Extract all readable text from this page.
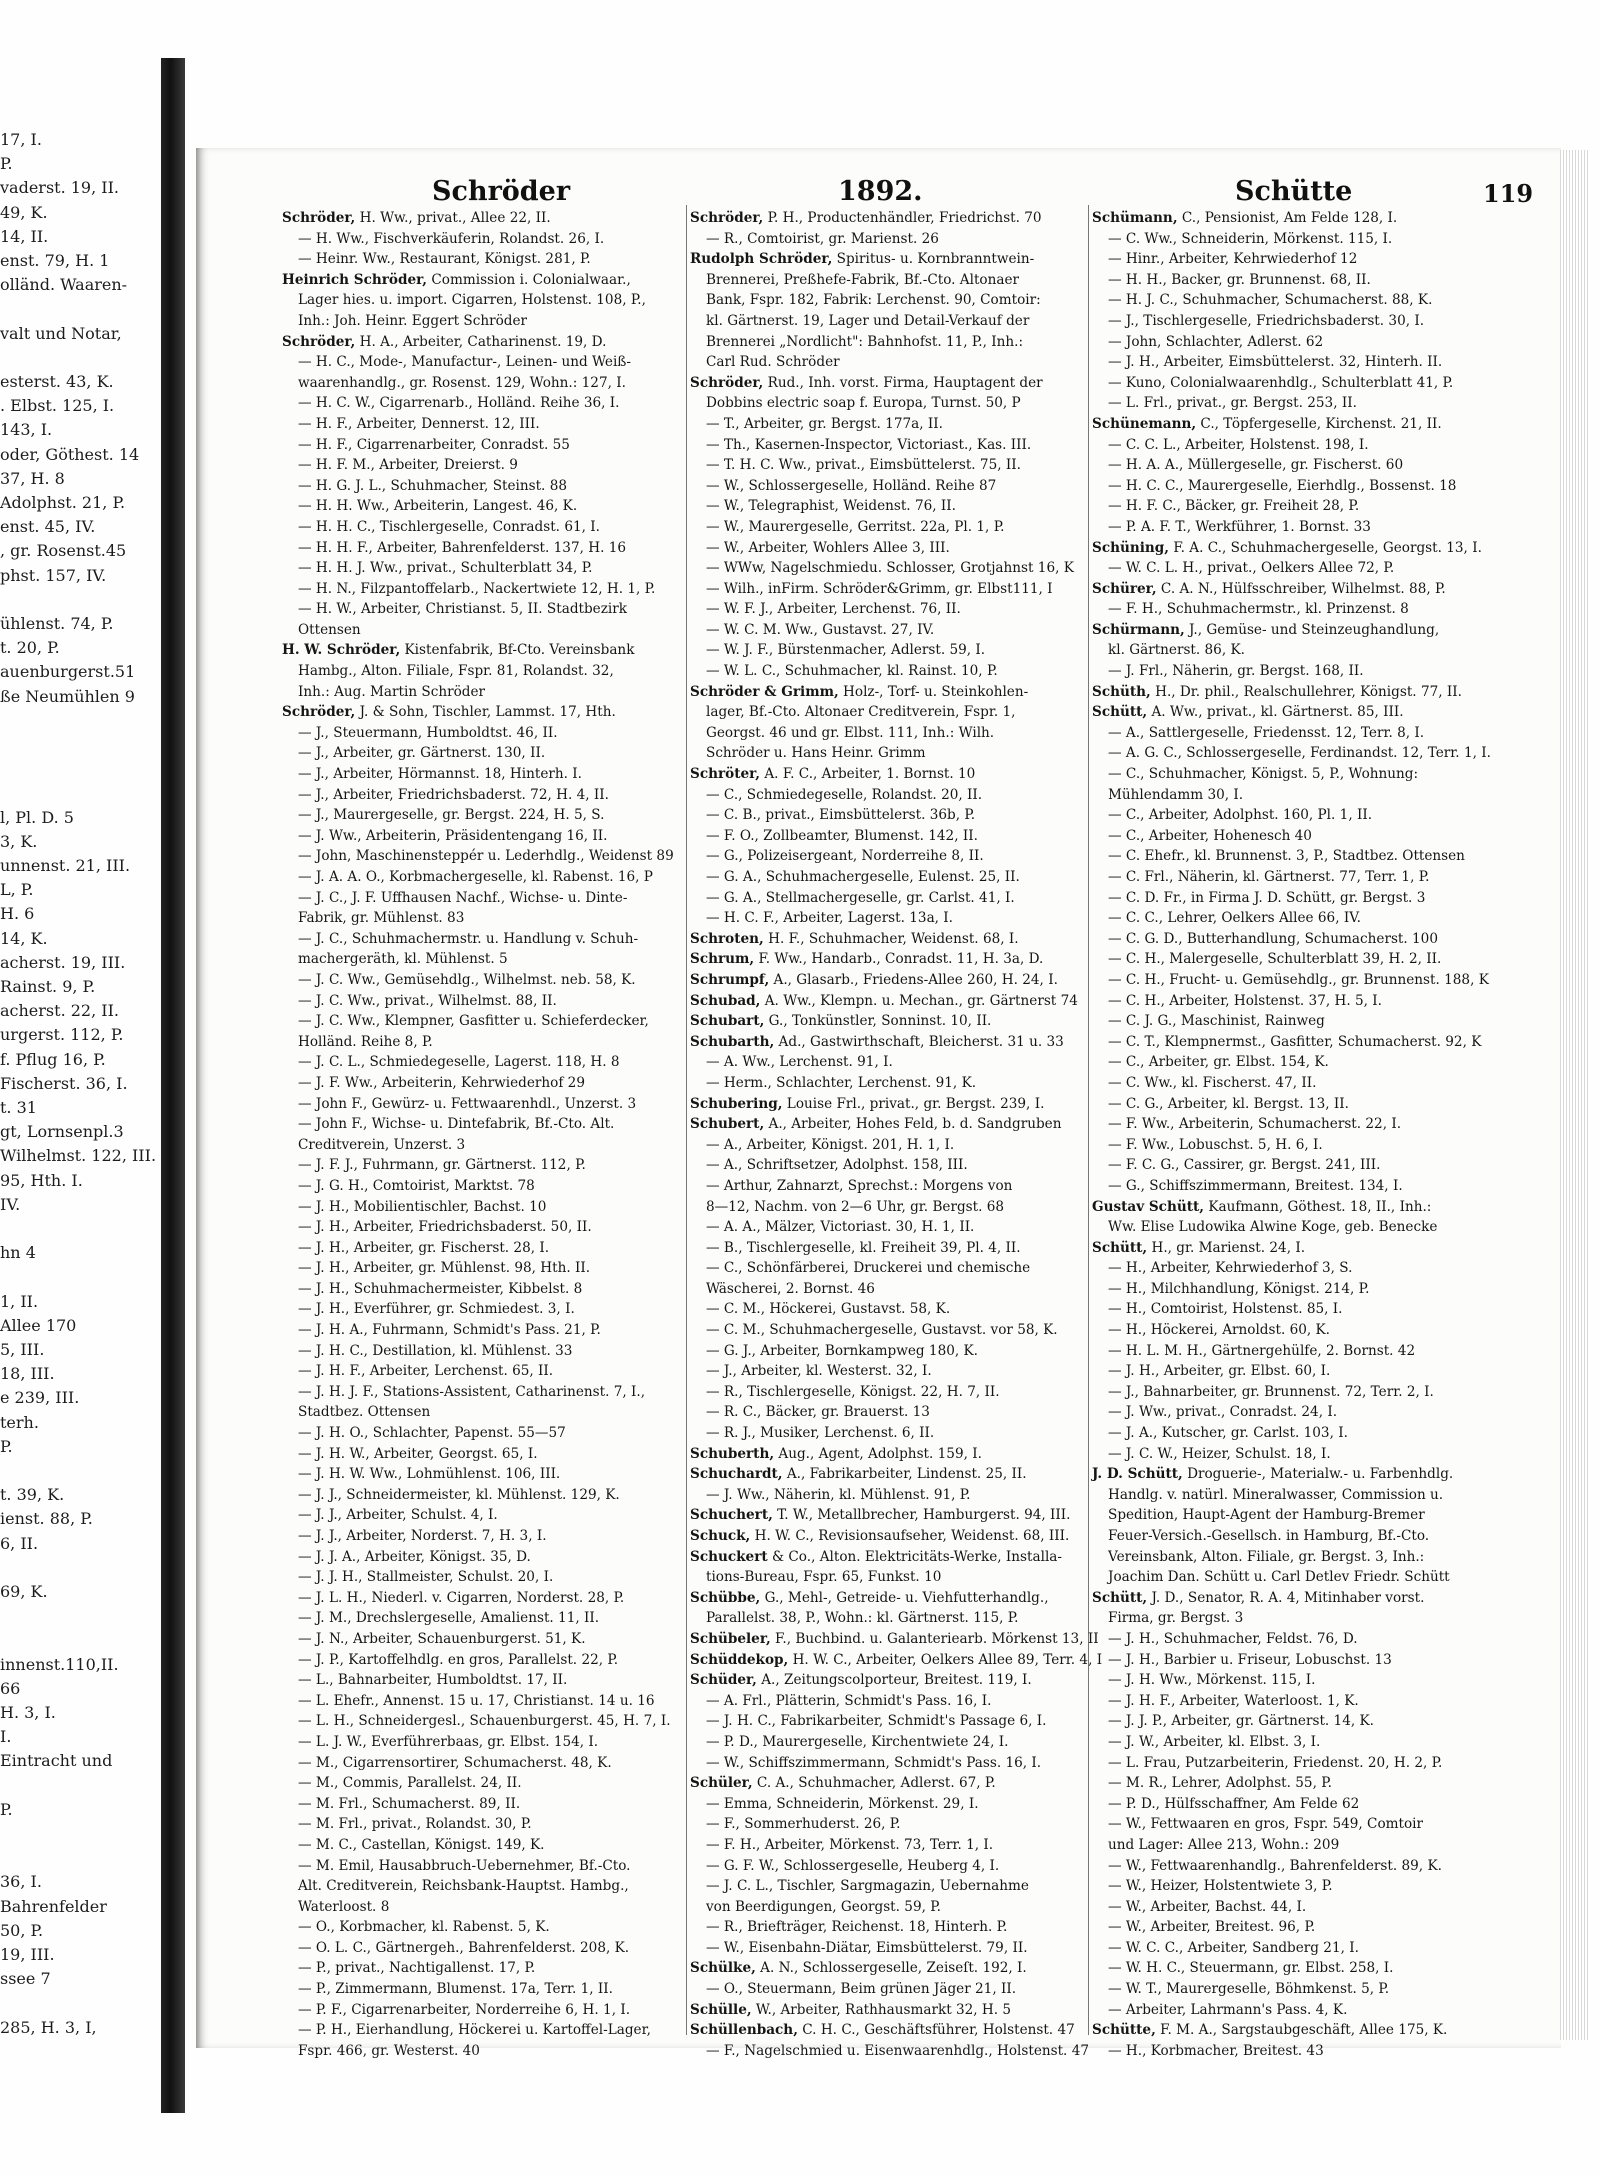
17, I.
P.
vaderst. 19, II.
49, K.
14, II.
enst. 79, H. 1
olländ. Waaren-
valt und Notar,
esterst. 43, K.
. Elbst. 125, I.
143, I.
oder, Göthest. 14
37, H. 8
Adolphst. 21, P.
enst. 45, IV.
, gr. Rosenst.45
phst. 157, IV.
ühlenst. 74, P.
t. 20, P.
auenburgerst.51
ße Neumühlen 9
l, Pl. D. 5
3, K.
unnenst. 21, III.
L, P.
H. 6
14, K.
acherst. 19, III.
Rainst. 9, P.
acherst. 22, II.
urgerst. 112, P.
f. Pflug 16, P.
Fischerst. 36, I.
t. 31
gt, Lornsenpl.3
Wilhelmst. 122, III.
95, Hth. I.
IV.
hn 4
1, II.
Allee 170
5, III.
18, III.
e 239, III.
terh.
P.
t. 39, K.
ienst. 88, P.
6, II.
69, K.
innenst.110,II.
66
H. 3, I.
I.
Eintracht und
P.
36, I.
Bahrenfelder
50, P.
19, III.
ssee 7
285, H. 3, I,
Schröder	1892.	Schütte	119
Schröder, H. Ww., privat., Allee 22, II.
— H. Ww., Fischverkäuferin, Rolandst. 26, I.
— Heinr. Ww., Restaurant, Königst. 281, P.
Heinrich Schröder, Commission i. Colonialwaar.,
Lager hies. u. import. Cigarren, Holstenst. 108, P.,
Inh.: Joh. Heinr. Eggert Schröder
Schröder, H. A., Arbeiter, Catharinenst. 19, D.
— H. C., Mode-, Manufactur-, Leinen- und Weiß-
waarenhandlg., gr. Rosenst. 129, Wohn.: 127, I.
— H. C. W., Cigarrenarb., Holländ. Reihe 36, I.
— H. F., Arbeiter, Dennerst. 12, III.
— H. F., Cigarrenarbeiter, Conradst. 55
— H. F. M., Arbeiter, Dreierst. 9
— H. G. J. L., Schuhmacher, Steinst. 88
— H. H. Ww., Arbeiterin, Langest. 46, K.
— H. H. C., Tischlergeselle, Conradst. 61, I.
— H. H. F., Arbeiter, Bahrenfelderst. 137, H. 16
— H. H. J. Ww., privat., Schulterblatt 34, P.
— H. N., Filzpantoffelarb., Nackertwiete 12, H. 1, P.
— H. W., Arbeiter, Christianst. 5, II. Stadtbezirk
Ottensen
H. W. Schröder, Kistenfabrik, Bf-Cto. Vereinsbank
Hambg., Alton. Filiale, Fspr. 81, Rolandst. 32,
Inh.: Aug. Martin Schröder
Schröder, J. & Sohn, Tischler, Lammst. 17, Hth.
— J., Steuermann, Humboldtst. 46, II.
— J., Arbeiter, gr. Gärtnerst. 130, II.
— J., Arbeiter, Hörmannst. 18, Hinterh. I.
— J., Arbeiter, Friedrichsbaderst. 72, H. 4, II.
— J., Maurergeselle, gr. Bergst. 224, H. 5, S.
— J. Ww., Arbeiterin, Präsidentengang 16, II.
— John, Maschinensteppér u. Lederhdlg., Weidenst 89
— J. A. A. O., Korbmachergeselle, kl. Rabenst. 16, P
— J. C., J. F. Uffhausen Nachf., Wichse- u. Dinte-
Fabrik, gr. Mühlenst. 83
— J. C., Schuhmachermstr. u. Handlung v. Schuh-
machergeräth, kl. Mühlenst. 5
— J. C. Ww., Gemüsehdlg., Wilhelmst. neb. 58, K.
— J. C. Ww., privat., Wilhelmst. 88, II.
— J. C. Ww., Klempner, Gasfitter u. Schieferdecker,
Holländ. Reihe 8, P.
— J. C. L., Schmiedegeselle, Lagerst. 118, H. 8
— J. F. Ww., Arbeiterin, Kehrwiederhof 29
— John F., Gewürz- u. Fettwaarenhdl., Unzerst. 3
— John F., Wichse- u. Dintefabrik, Bf.-Cto. Alt.
Creditverein, Unzerst. 3
— J. F. J., Fuhrmann, gr. Gärtnerst. 112, P.
— J. G. H., Comtoirist, Marktst. 78
— J. H., Mobilientischler, Bachst. 10
— J. H., Arbeiter, Friedrichsbaderst. 50, II.
— J. H., Arbeiter, gr. Fischerst. 28, I.
— J. H., Arbeiter, gr. Mühlenst. 98, Hth. II.
— J. H., Schuhmachermeister, Kibbelst. 8
— J. H., Everführer, gr. Schmiedest. 3, I.
— J. H. A., Fuhrmann, Schmidt's Pass. 21, P.
— J. H. C., Destillation, kl. Mühlenst. 33
— J. H. F., Arbeiter, Lerchenst. 65, II.
— J. H. J. F., Stations-Assistent, Catharinenst. 7, I.,
Stadtbez. Ottensen
— J. H. O., Schlachter, Papenst. 55—57
— J. H. W., Arbeiter, Georgst. 65, I.
— J. H. W. Ww., Lohmühlenst. 106, III.
— J. J., Schneidermeister, kl. Mühlenst. 129, K.
— J. J., Arbeiter, Schulst. 4, I.
— J. J., Arbeiter, Norderst. 7, H. 3, I.
— J. J. A., Arbeiter, Königst. 35, D.
— J. J. H., Stallmeister, Schulst. 20, I.
— J. L. H., Niederl. v. Cigarren, Norderst. 28, P.
— J. M., Drechslergeselle, Amalienst. 11, II.
— J. N., Arbeiter, Schauenburgerst. 51, K.
— J. P., Kartoffelhdlg. en gros, Parallelst. 22, P.
— L., Bahnarbeiter, Humboldtst. 17, II.
— L. Ehefr., Annenst. 15 u. 17, Christianst. 14 u. 16
— L. H., Schneidergesl., Schauenburgerst. 45, H. 7, I.
— L. J. W., Everführerbaas, gr. Elbst. 154, I.
— M., Cigarrensortirer, Schumacherst. 48, K.
— M., Commis, Parallelst. 24, II.
— M. Frl., Schumacherst. 89, II.
— M. Frl., privat., Rolandst. 30, P.
— M. C., Castellan, Königst. 149, K.
— M. Emil, Hausabbruch-Uebernehmer, Bf.-Cto.
Alt. Creditverein, Reichsbank-Hauptst. Hambg.,
Waterloost. 8
— O., Korbmacher, kl. Rabenst. 5, K.
— O. L. C., Gärtnergeh., Bahrenfelderst. 208, K.
— P., privat., Nachtigallenst. 17, P.
— P., Zimmermann, Blumenst. 17a, Terr. 1, II.
— P. F., Cigarrenarbeiter, Norderreihe 6, H. 1, I.
— P. H., Eierhandlung, Höckerei u. Kartoffel-Lager,
Fspr. 466, gr. Westerst. 40
Schröder, P. H., Productenhändler, Friedrichst. 70
— R., Comtoirist, gr. Marienst. 26
Rudolph Schröder, Spiritus- u. Kornbranntwein-
Brennerei, Preßhefe-Fabrik, Bf.-Cto. Altonaer
Bank, Fspr. 182, Fabrik: Lerchenst. 90, Comtoir:
kl. Gärtnerst. 19, Lager und Detail-Verkauf der
Brennerei „Nordlicht": Bahnhofst. 11, P., Inh.:
Carl Rud. Schröder
Schröder, Rud., Inh. vorst. Firma, Hauptagent der
Dobbins electric soap f. Europa, Turnst. 50, P
— T., Arbeiter, gr. Bergst. 177a, II.
— Th., Kasernen-Inspector, Victoriast., Kas. III.
— T. H. C. Ww., privat., Eimsbüttelerst. 75, II.
— W., Schlossergeselle, Holländ. Reihe 87
— W., Telegraphist, Weidenst. 76, II.
— W., Maurergeselle, Gerritst. 22a, Pl. 1, P.
— W., Arbeiter, Wohlers Allee 3, III.
— WWw, Nagelschmiedu. Schlosser, Grotjahnst 16, K
— Wilh., inFirm. Schröder&Grimm, gr. Elbst111, I
— W. F. J., Arbeiter, Lerchenst. 76, II.
— W. C. M. Ww., Gustavst. 27, IV.
— W. J. F., Bürstenmacher, Adlerst. 59, I.
— W. L. C., Schuhmacher, kl. Rainst. 10, P.
Schröder & Grimm, Holz-, Torf- u. Steinkohlen-
lager, Bf.-Cto. Altonaer Creditverein, Fspr. 1,
Georgst. 46 und gr. Elbst. 111, Inh.: Wilh.
Schröder u. Hans Heinr. Grimm
Schröter, A. F. C., Arbeiter, 1. Bornst. 10
— C., Schmiedegeselle, Rolandst. 20, II.
— C. B., privat., Eimsbüttelerst. 36b, P.
— F. O., Zollbeamter, Blumenst. 142, II.
— G., Polizeisergeant, Norderreihe 8, II.
— G. A., Schuhmachergeselle, Eulenst. 25, II.
— G. A., Stellmachergeselle, gr. Carlst. 41, I.
— H. C. F., Arbeiter, Lagerst. 13a, I.
Schroten, H. F., Schuhmacher, Weidenst. 68, I.
Schrum, F. Ww., Handarb., Conradst. 11, H. 3a, D.
Schrumpf, A., Glasarb., Friedens-Allee 260, H. 24, I.
Schubad, A. Ww., Klempn. u. Mechan., gr. Gärtnerst 74
Schubart, G., Tonkünstler, Sonninst. 10, II.
Schubarth, Ad., Gastwirthschaft, Bleicherst. 31 u. 33
— A. Ww., Lerchenst. 91, I.
— Herm., Schlachter, Lerchenst. 91, K.
Schubering, Louise Frl., privat., gr. Bergst. 239, I.
Schubert, A., Arbeiter, Hohes Feld, b. d. Sandgruben
— A., Arbeiter, Königst. 201, H. 1, I.
— A., Schriftsetzer, Adolphst. 158, III.
— Arthur, Zahnarzt, Sprechst.: Morgens von
8—12, Nachm. von 2—6 Uhr, gr. Bergst. 68
— A. A., Mälzer, Victoriast. 30, H. 1, II.
— B., Tischlergeselle, kl. Freiheit 39, Pl. 4, II.
— C., Schönfärberei, Druckerei und chemische
Wäscherei, 2. Bornst. 46
— C. M., Höckerei, Gustavst. 58, K.
— C. M., Schuhmachergeselle, Gustavst. vor 58, K.
— G. J., Arbeiter, Bornkampweg 180, K.
— J., Arbeiter, kl. Westerst. 32, I.
— R., Tischlergeselle, Königst. 22, H. 7, II.
— R. C., Bäcker, gr. Brauerst. 13
— R. J., Musiker, Lerchenst. 6, II.
Schuberth, Aug., Agent, Adolphst. 159, I.
Schuchardt, A., Fabrikarbeiter, Lindenst. 25, II.
— J. Ww., Näherin, kl. Mühlenst. 91, P.
Schuchert, T. W., Metallbrecher, Hamburgerst. 94, III.
Schuck, H. W. C., Revisionsaufseher, Weidenst. 68, III.
Schuckert & Co., Alton. Elektricitäts-Werke, Installa-
tions-Bureau, Fspr. 65, Funkst. 10
Schübbe, G., Mehl-, Getreide- u. Viehfutterhandlg.,
Parallelst. 38, P., Wohn.: kl. Gärtnerst. 115, P.
Schübeler, F., Buchbind. u. Galanteriearb. Mörkenst 13, II
Schüddekop, H. W. C., Arbeiter, Oelkers Allee 89, Terr. 4, I
Schüder, A., Zeitungscolporteur, Breitest. 119, I.
— A. Frl., Plätterin, Schmidt's Pass. 16, I.
— J. H. C., Fabrikarbeiter, Schmidt's Passage 6, I.
— P. D., Maurergeselle, Kirchentwiete 24, I.
— W., Schiffszimmermann, Schmidt's Pass. 16, I.
Schüler, C. A., Schuhmacher, Adlerst. 67, P.
— Emma, Schneiderin, Mörkenst. 29, I.
— F., Sommerhuderst. 26, P.
— F. H., Arbeiter, Mörkenst. 73, Terr. 1, I.
— G. F. W., Schlossergeselle, Heuberg 4, I.
— J. C. L., Tischler, Sargmagazin, Uebernahme
von Beerdigungen, Georgst. 59, P.
— R., Briefträger, Reichenst. 18, Hinterh. P.
— W., Eisenbahn-Diätar, Eimsbüttelerst. 79, II.
Schülke, A. N., Schlossergeselle, Zeiseſt. 192, I.
— O., Steuermann, Beim grünen Jäger 21, II.
Schülle, W., Arbeiter, Rathhausmarkt 32, H. 5
Schüllenbach, C. H. C., Geschäftsführer, Holstenst. 47
— F., Nagelschmied u. Eisenwaarenhdlg., Holstenst. 47
Schümann, C., Pensionist, Am Felde 128, I.
— C. Ww., Schneiderin, Mörkenst. 115, I.
— Hinr., Arbeiter, Kehrwiederhof 12
— H. H., Backer, gr. Brunnenst. 68, II.
— H. J. C., Schuhmacher, Schumacherst. 88, K.
— J., Tischlergeselle, Friedrichsbaderst. 30, I.
— John, Schlachter, Adlerst. 62
— J. H., Arbeiter, Eimsbüttelerst. 32, Hinterh. II.
— Kuno, Colonialwaarenhdlg., Schulterblatt 41, P.
— L. Frl., privat., gr. Bergst. 253, II.
Schünemann, C., Töpfergeselle, Kirchenst. 21, II.
— C. C. L., Arbeiter, Holstenst. 198, I.
— H. A. A., Müllergeselle, gr. Fischerst. 60
— H. C. C., Maurergeselle, Eierhdlg., Bossenst. 18
— H. F. C., Bäcker, gr. Freiheit 28, P.
— P. A. F. T., Werkführer, 1. Bornst. 33
Schüning, F. A. C., Schuhmachergeselle, Georgst. 13, I.
— W. C. L. H., privat., Oelkers Allee 72, P.
Schürer, C. A. N., Hülfsschreiber, Wilhelmst. 88, P.
— F. H., Schuhmachermstr., kl. Prinzenst. 8
Schürmann, J., Gemüse- und Steinzeughandlung,
kl. Gärtnerst. 86, K.
— J. Frl., Näherin, gr. Bergst. 168, II.
Schüth, H., Dr. phil., Realschullehrer, Königst. 77, II.
Schütt, A. Ww., privat., kl. Gärtnerst. 85, III.
— A., Sattlergeselle, Friedensst. 12, Terr. 8, I.
— A. G. C., Schlossergeselle, Ferdinandst. 12, Terr. 1, I.
— C., Schuhmacher, Königst. 5, P., Wohnung:
Mühlendamm 30, I.
— C., Arbeiter, Adolphst. 160, Pl. 1, II.
— C., Arbeiter, Hohenesch 40
— C. Ehefr., kl. Brunnenst. 3, P., Stadtbez. Ottensen
— C. Frl., Näherin, kl. Gärtnerst. 77, Terr. 1, P.
— C. D. Fr., in Firma J. D. Schütt, gr. Bergst. 3
— C. C., Lehrer, Oelkers Allee 66, IV.
— C. G. D., Butterhandlung, Schumacherst. 100
— C. H., Malergeselle, Schulterblatt 39, H. 2, II.
— C. H., Frucht- u. Gemüsehdlg., gr. Brunnenst. 188, K
— C. H., Arbeiter, Holstenst. 37, H. 5, I.
— C. J. G., Maschinist, Rainweg
— C. T., Klempnermst., Gasfitter, Schumacherst. 92, K
— C., Arbeiter, gr. Elbst. 154, K.
— C. Ww., kl. Fischerst. 47, II.
— C. G., Arbeiter, kl. Bergst. 13, II.
— F. Ww., Arbeiterin, Schumacherst. 22, I.
— F. Ww., Lobuschst. 5, H. 6, I.
— F. C. G., Cassirer, gr. Bergst. 241, III.
— G., Schiffszimmermann, Breitest. 134, I.
Gustav Schütt, Kaufmann, Göthest. 18, II., Inh.:
Ww. Elise Ludowika Alwine Koge, geb. Benecke
Schütt, H., gr. Marienst. 24, I.
— H., Arbeiter, Kehrwiederhof 3, S.
— H., Milchhandlung, Königst. 214, P.
— H., Comtoirist, Holstenst. 85, I.
— H., Höckerei, Arnoldst. 60, K.
— H. L. M. H., Gärtnergehülfe, 2. Bornst. 42
— J. H., Arbeiter, gr. Elbst. 60, I.
— J., Bahnarbeiter, gr. Brunnenst. 72, Terr. 2, I.
— J. Ww., privat., Conradst. 24, I.
— J. A., Kutscher, gr. Carlst. 103, I.
— J. C. W., Heizer, Schulst. 18, I.
J. D. Schütt, Droguerie-, Materialw.- u. Farbenhdlg.
Handlg. v. natürl. Mineralwasser, Commission u.
Spedition, Haupt-Agent der Hamburg-Bremer
Feuer-Versich.-Gesellsch. in Hamburg, Bf.-Cto.
Vereinsbank, Alton. Filiale, gr. Bergst. 3, Inh.:
Joachim Dan. Schütt u. Carl Detlev Friedr. Schütt
Schütt, J. D., Senator, R. A. 4, Mitinhaber vorst.
Firma, gr. Bergst. 3
— J. H., Schuhmacher, Feldst. 76, D.
— J. H., Barbier u. Friseur, Lobuschst. 13
— J. H. Ww., Mörkenst. 115, I.
— J. H. F., Arbeiter, Waterloost. 1, K.
— J. J. P., Arbeiter, gr. Gärtnerst. 14, K.
— J. W., Arbeiter, kl. Elbst. 3, I.
— L. Frau, Putzarbeiterin, Friedenst. 20, H. 2, P.
— M. R., Lehrer, Adolphst. 55, P.
— P. D., Hülfsschaffner, Am Felde 62
— W., Fettwaaren en gros, Fspr. 549, Comtoir
und Lager: Allee 213, Wohn.: 209
— W., Fettwaarenhandlg., Bahrenfelderst. 89, K.
— W., Heizer, Holstentwiete 3, P.
— W., Arbeiter, Bachst. 44, I.
— W., Arbeiter, Breitest. 96, P.
— W. C. C., Arbeiter, Sandberg 21, I.
— W. H. C., Steuermann, gr. Elbst. 258, I.
— W. T., Maurergeselle, Böhmkenst. 5, P.
— Arbeiter, Lahrmann's Pass. 4, K.
Schütte, F. M. A., Sargstaubgeschäft, Allee 175, K.
— H., Korbmacher, Breitest. 43
